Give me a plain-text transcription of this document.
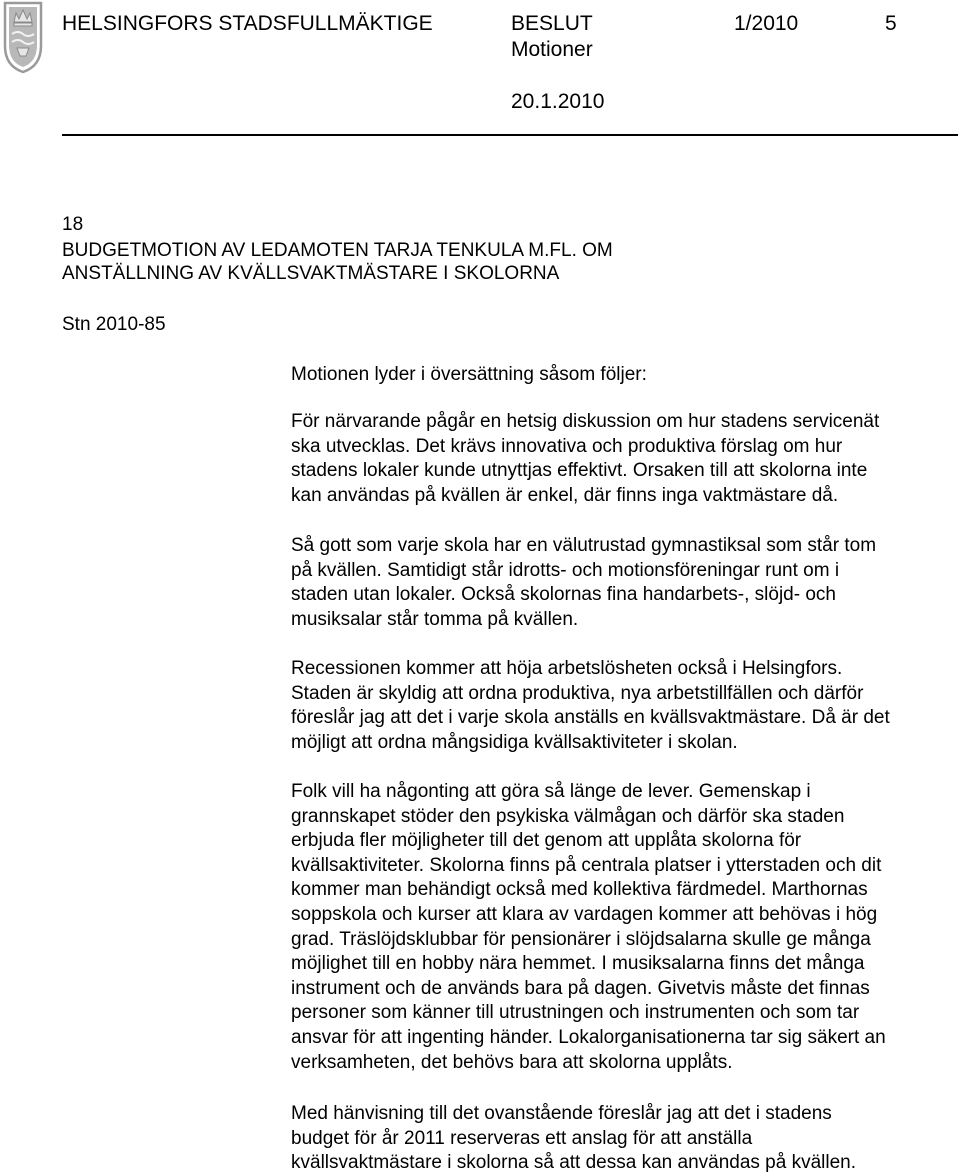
HELSINGFORS STADSFULLMÄKTIGE	BESLUT	1/2010	5
Motioner
20.1.2010
18
BUDGETMOTION AV LEDAMOTEN TARJA TENKULA M.FL. OM
ANSTÄLLNING AV KVÄLLSVAKTMÄSTARE I SKOLORNA
Stn 2010-85
Motionen lyder i översättning såsom följer:
För närvarande pågår en hetsig diskussion om hur stadens servicenät
ska utvecklas. Det krävs innovativa och produktiva förslag om hur
stadens lokaler kunde utnyttjas effektivt. Orsaken till att skolorna inte
kan användas på kvällen är enkel, där finns inga vaktmästare då.
Så gott som varje skola har en välutrustad gymnastiksal som står tom
på kvällen. Samtidigt står idrotts- och motionsföreningar runt om i
staden utan lokaler. Också skolornas fina handarbets-, slöjd- och
musiksalar står tomma på kvällen.
Recessionen kommer att höja arbetslösheten också i Helsingfors.
Staden är skyldig att ordna produktiva, nya arbetstillfällen och därför
föreslår jag att det i varje skola anställs en kvällsvaktmästare. Då är det
möjligt att ordna mångsidiga kvällsaktiviteter i skolan.
Folk vill ha någonting att göra så länge de lever. Gemenskap i
grannskapet stöder den psykiska välmågan och därför ska staden
erbjuda fler möjligheter till det genom att upplåta skolorna för
kvällsaktiviteter. Skolorna finns på centrala platser i ytterstaden och dit
kommer man behändigt också med kollektiva färdmedel. Marthornas
soppskola och kurser att klara av vardagen kommer att behövas i hög
grad. Träslöjdsklubbar för pensionärer i slöjdsalarna skulle ge många
möjlighet till en hobby nära hemmet. I musiksalarna finns det många
instrument och de används bara på dagen. Givetvis måste det finnas
personer som känner till utrustningen och instrumenten och som tar
ansvar för att ingenting händer. Lokalorganisationerna tar sig säkert an
verksamheten, det behövs bara att skolorna upplåts.
Med hänvisning till det ovanstående föreslår jag att det i stadens
budget för år 2011 reserveras ett anslag för att anställa
kvällsvaktmästare i skolorna så att dessa kan användas på kvällen.
